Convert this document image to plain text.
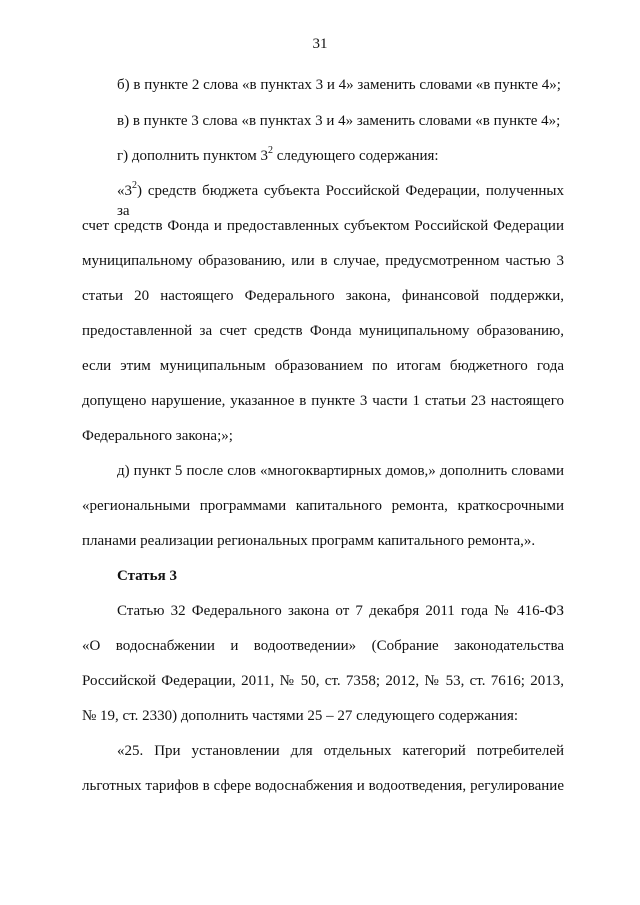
31
б) в пункте 2 слова «в пунктах 3 и 4» заменить словами «в пункте 4»;
в) в пункте 3 слова «в пунктах 3 и 4» заменить словами «в пункте 4»;
г) дополнить пунктом $3^2$ следующего содержания:
«$3^2$) средств бюджета субъекта Российской Федерации, полученных за
счет средств Фонда и предоставленных субъектом Российской Федерации
муниципальному образованию, или в случае, предусмотренном частью 3
статьи 20 настоящего Федерального закона, финансовой поддержки,
предоставленной за счет средств Фонда муниципальному образованию,
если этим муниципальным образованием по итогам бюджетного года
допущено нарушение, указанное в пункте 3 части 1 статьи 23 настоящего
Федерального закона;»;
д) пункт 5 после слов «многоквартирных домов,» дополнить словами
«региональными программами капитального ремонта, краткосрочными
планами реализации региональных программ капитального ремонта,».
Статья 3
Статью 32 Федерального закона от 7 декабря 2011 года № 416-ФЗ
«О водоснабжении и водоотведении» (Собрание законодательства
Российской Федерации, 2011, № 50, ст. 7358; 2012, № 53, ст. 7616; 2013,
№ 19, ст. 2330) дополнить частями 25 – 27 следующего содержания:
«25. При установлении для отдельных категорий потребителей
льготных тарифов в сфере водоснабжения и водоотведения, регулирование
